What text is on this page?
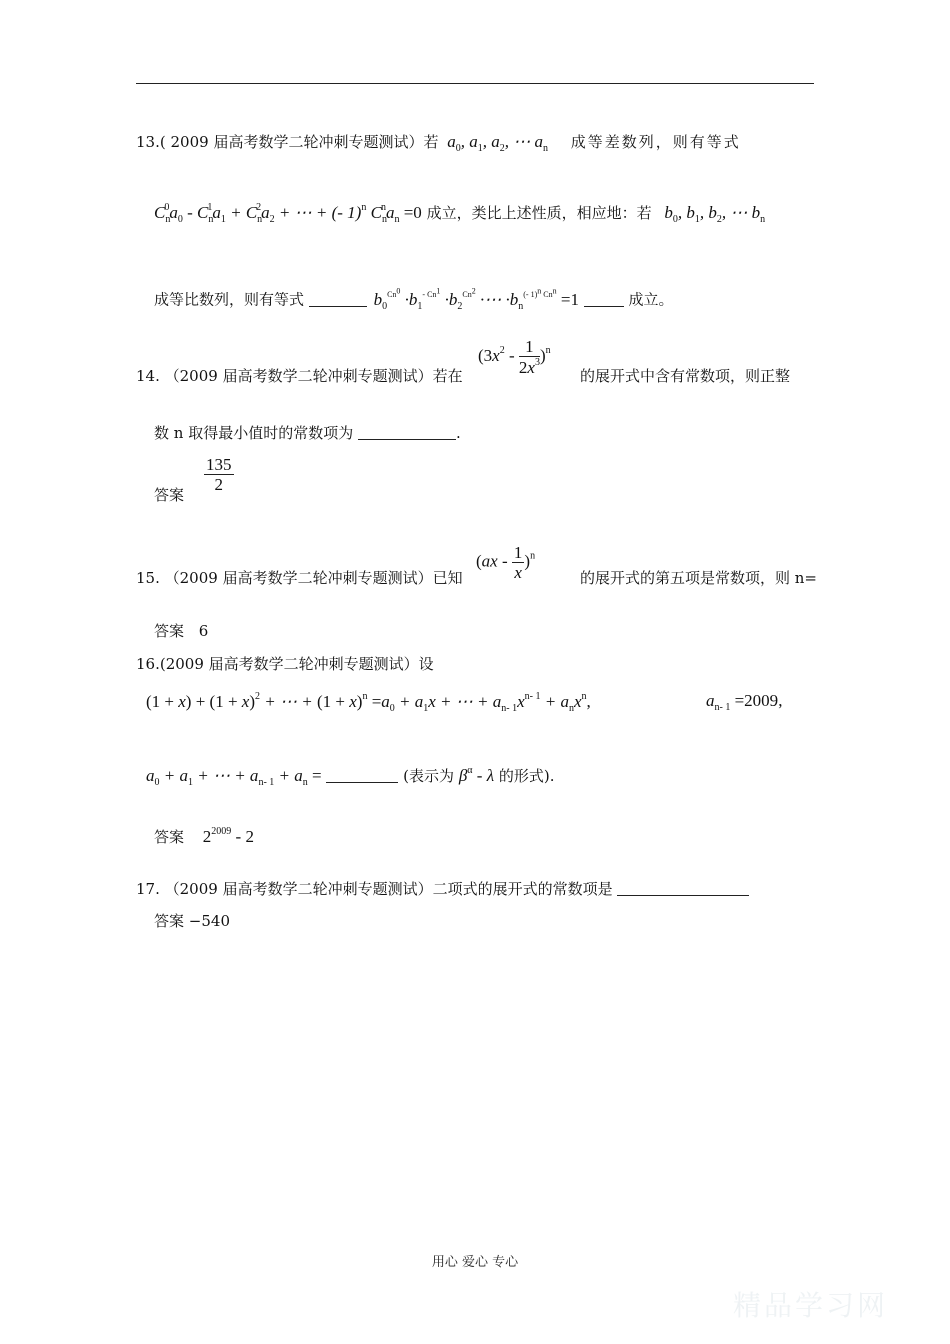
13.( 2009 届高考数学二轮冲刺专题测试）若 $a_0$, $a_1$, $a_2$, ⋯ $a_n$ 成等差数列，则有等式
$C_n^0a_0 - C_n^1a_1 + C_n^2a_2$ + ⋯ + (- 1)$^n$ $C_n^na_n =0$ 成立，类比上述性质，相应地：若 $b_0$, $b_1$, $b_2$, ⋯ $b_n$
成等比数列，则有等式	$b_0^{Cn^0} \cdot b_1^{- Cn^1} \cdot b_2^{Cn^2}$ ·⋯ $\cdot b_n^{(- 1)^n Cn^n} =1$	成立。
14. （2009 届高考数学二轮冲刺专题测试）若在
$(3x^2 - \frac{1}{2x^3} )^n$
的展开式中含有常数项，则正整
数 n 取得最小值时的常数项为	.
答案
$\frac{135}{2}$
15. （2009 届高考数学二轮冲刺专题测试）已知
$(ax - \frac{1}{x} )^n$
的展开式的第五项是常数项，则 n=
答案 6
16.(2009 届高考数学二轮冲刺专题测试）设
$(1 + x) + (1 + x)^2$ + ⋯ + $(1 + x)^n =a_0 + a_1x$ + ⋯ + $a_{n- 1}x^{n- 1} + a_nx^n$,	$a_{n- 1} =2009$,
$a_0 + a_1$ + ⋯ + $a_{n- 1} + a_n$ =	(表示为 $\beta^\alpha$ - λ 的形式).
答案 $2^{2009} - 2$
17. （2009 届高考数学二轮冲刺专题测试）二项式的展开式的常数项是
答案 −540
用心 爱心 专心
精品学习网
